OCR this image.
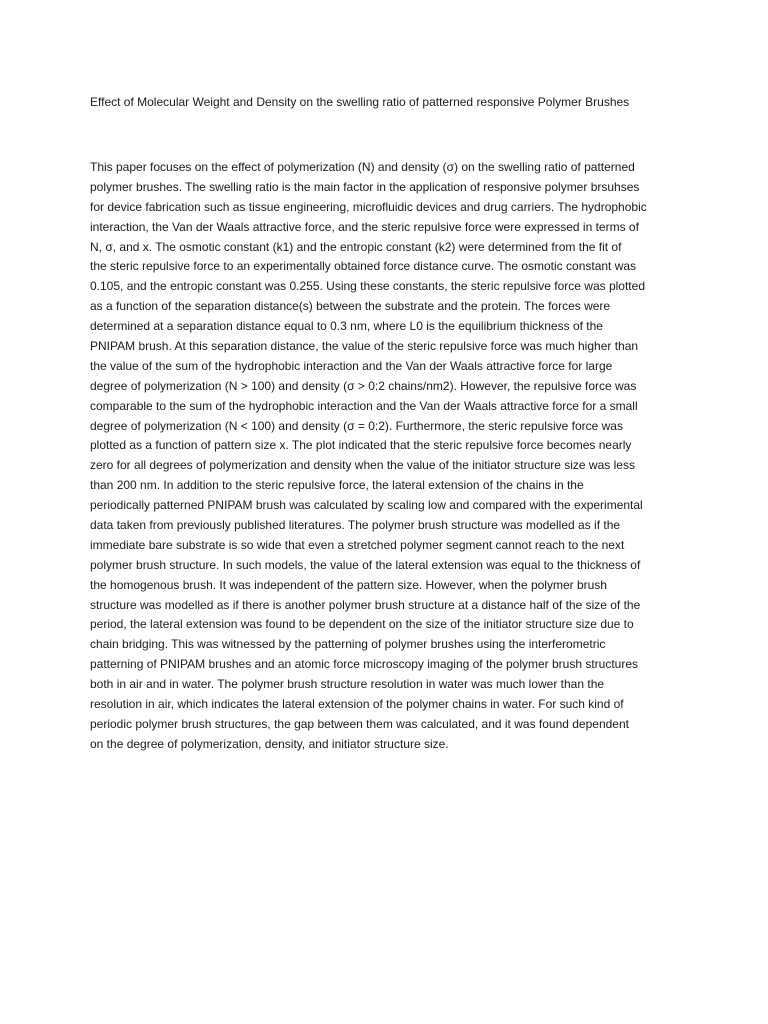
Effect of Molecular Weight and Density on the swelling ratio of patterned responsive Polymer Brushes
This paper focuses on the effect of polymerization (N) and density (σ) on the swelling ratio of patterned
polymer brushes. The swelling ratio is the main factor in the application of responsive polymer brsuhses
for device fabrication such as tissue engineering, microfluidic devices and drug carriers. The hydrophobic
interaction, the Van der Waals attractive force, and the steric repulsive force were expressed in terms of
N, σ, and x. The osmotic constant (k1) and the entropic constant (k2) were determined from the fit of
the steric repulsive force to an experimentally obtained force distance curve. The osmotic constant was
0.105, and the entropic constant was 0.255. Using these constants, the steric repulsive force was plotted
as a function of the separation distance(s) between the substrate and the protein. The forces were
determined at a separation distance equal to 0.3 nm, where L0 is the equilibrium thickness of the
PNIPAM brush. At this separation distance, the value of the steric repulsive force was much higher than
the value of the sum of the hydrophobic interaction and the Van der Waals attractive force for large
degree of polymerization (N > 100) and density (σ > 0:2 chains/nm2). However, the repulsive force was
comparable to the sum of the hydrophobic interaction and the Van der Waals attractive force for a small
degree of polymerization (N < 100) and density (σ = 0:2). Furthermore, the steric repulsive force was
plotted as a function of pattern size x. The plot indicated that the steric repulsive force becomes nearly
zero for all degrees of polymerization and density when the value of the initiator structure size was less
than 200 nm. In addition to the steric repulsive force, the lateral extension of the chains in the
periodically patterned PNIPAM brush was calculated by scaling low and compared with the experimental
data taken from previously published literatures. The polymer brush structure was modelled as if the
immediate bare substrate is so wide that even a stretched polymer segment cannot reach to the next
polymer brush structure. In such models, the value of the lateral extension was equal to the thickness of
the homogenous brush. It was independent of the pattern size. However, when the polymer brush
structure was modelled as if there is another polymer brush structure at a distance half of the size of the
period, the lateral extension was found to be dependent on the size of the initiator structure size due to
chain bridging. This was witnessed by the patterning of polymer brushes using the interferometric
patterning of PNIPAM brushes and an atomic force microscopy imaging of the polymer brush structures
both in air and in water. The polymer brush structure resolution in water was much lower than the
resolution in air, which indicates the lateral extension of the polymer chains in water. For such kind of
periodic polymer brush structures, the gap between them was calculated, and it was found dependent
on the degree of polymerization, density, and initiator structure size.
